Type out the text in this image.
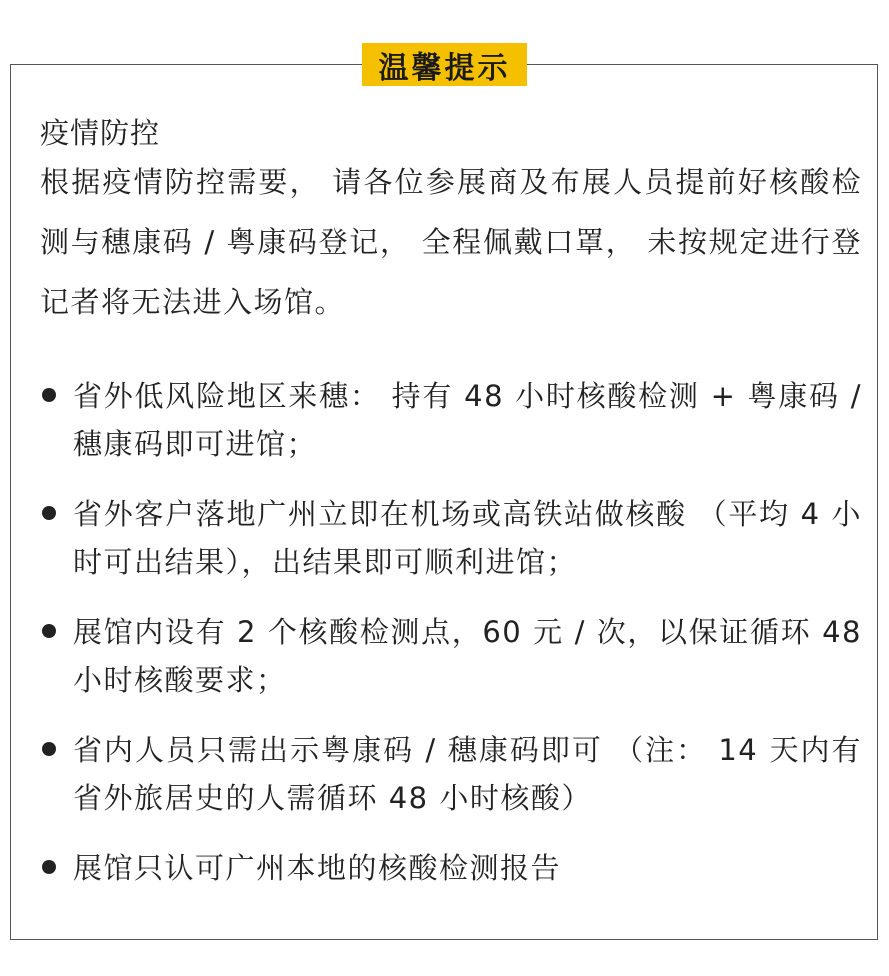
温馨提示

疫情防控

根据疫情防控需要， 请各位参展商及布展人员提前好核酸检测与穗康码 / 粤康码登记， 全程佩戴口罩， 未按规定进行登记者将无法进入场馆。

省外低风险地区来穗： 持有 48 小时核酸检测 + 粤康码 / 穗康码即可进馆；
省外客户落地广州立即在机场或高铁站做核酸 （平均 4 小时可出结果），出结果即可顺利进馆；
展馆内设有 2 个核酸检测点，60 元 / 次，以保证循环 48 小时核酸要求；
省内人员只需出示粤康码 / 穗康码即可 （注： 14 天内有省外旅居史的人需循环 48 小时核酸）
展馆只认可广州本地的核酸检测报告
